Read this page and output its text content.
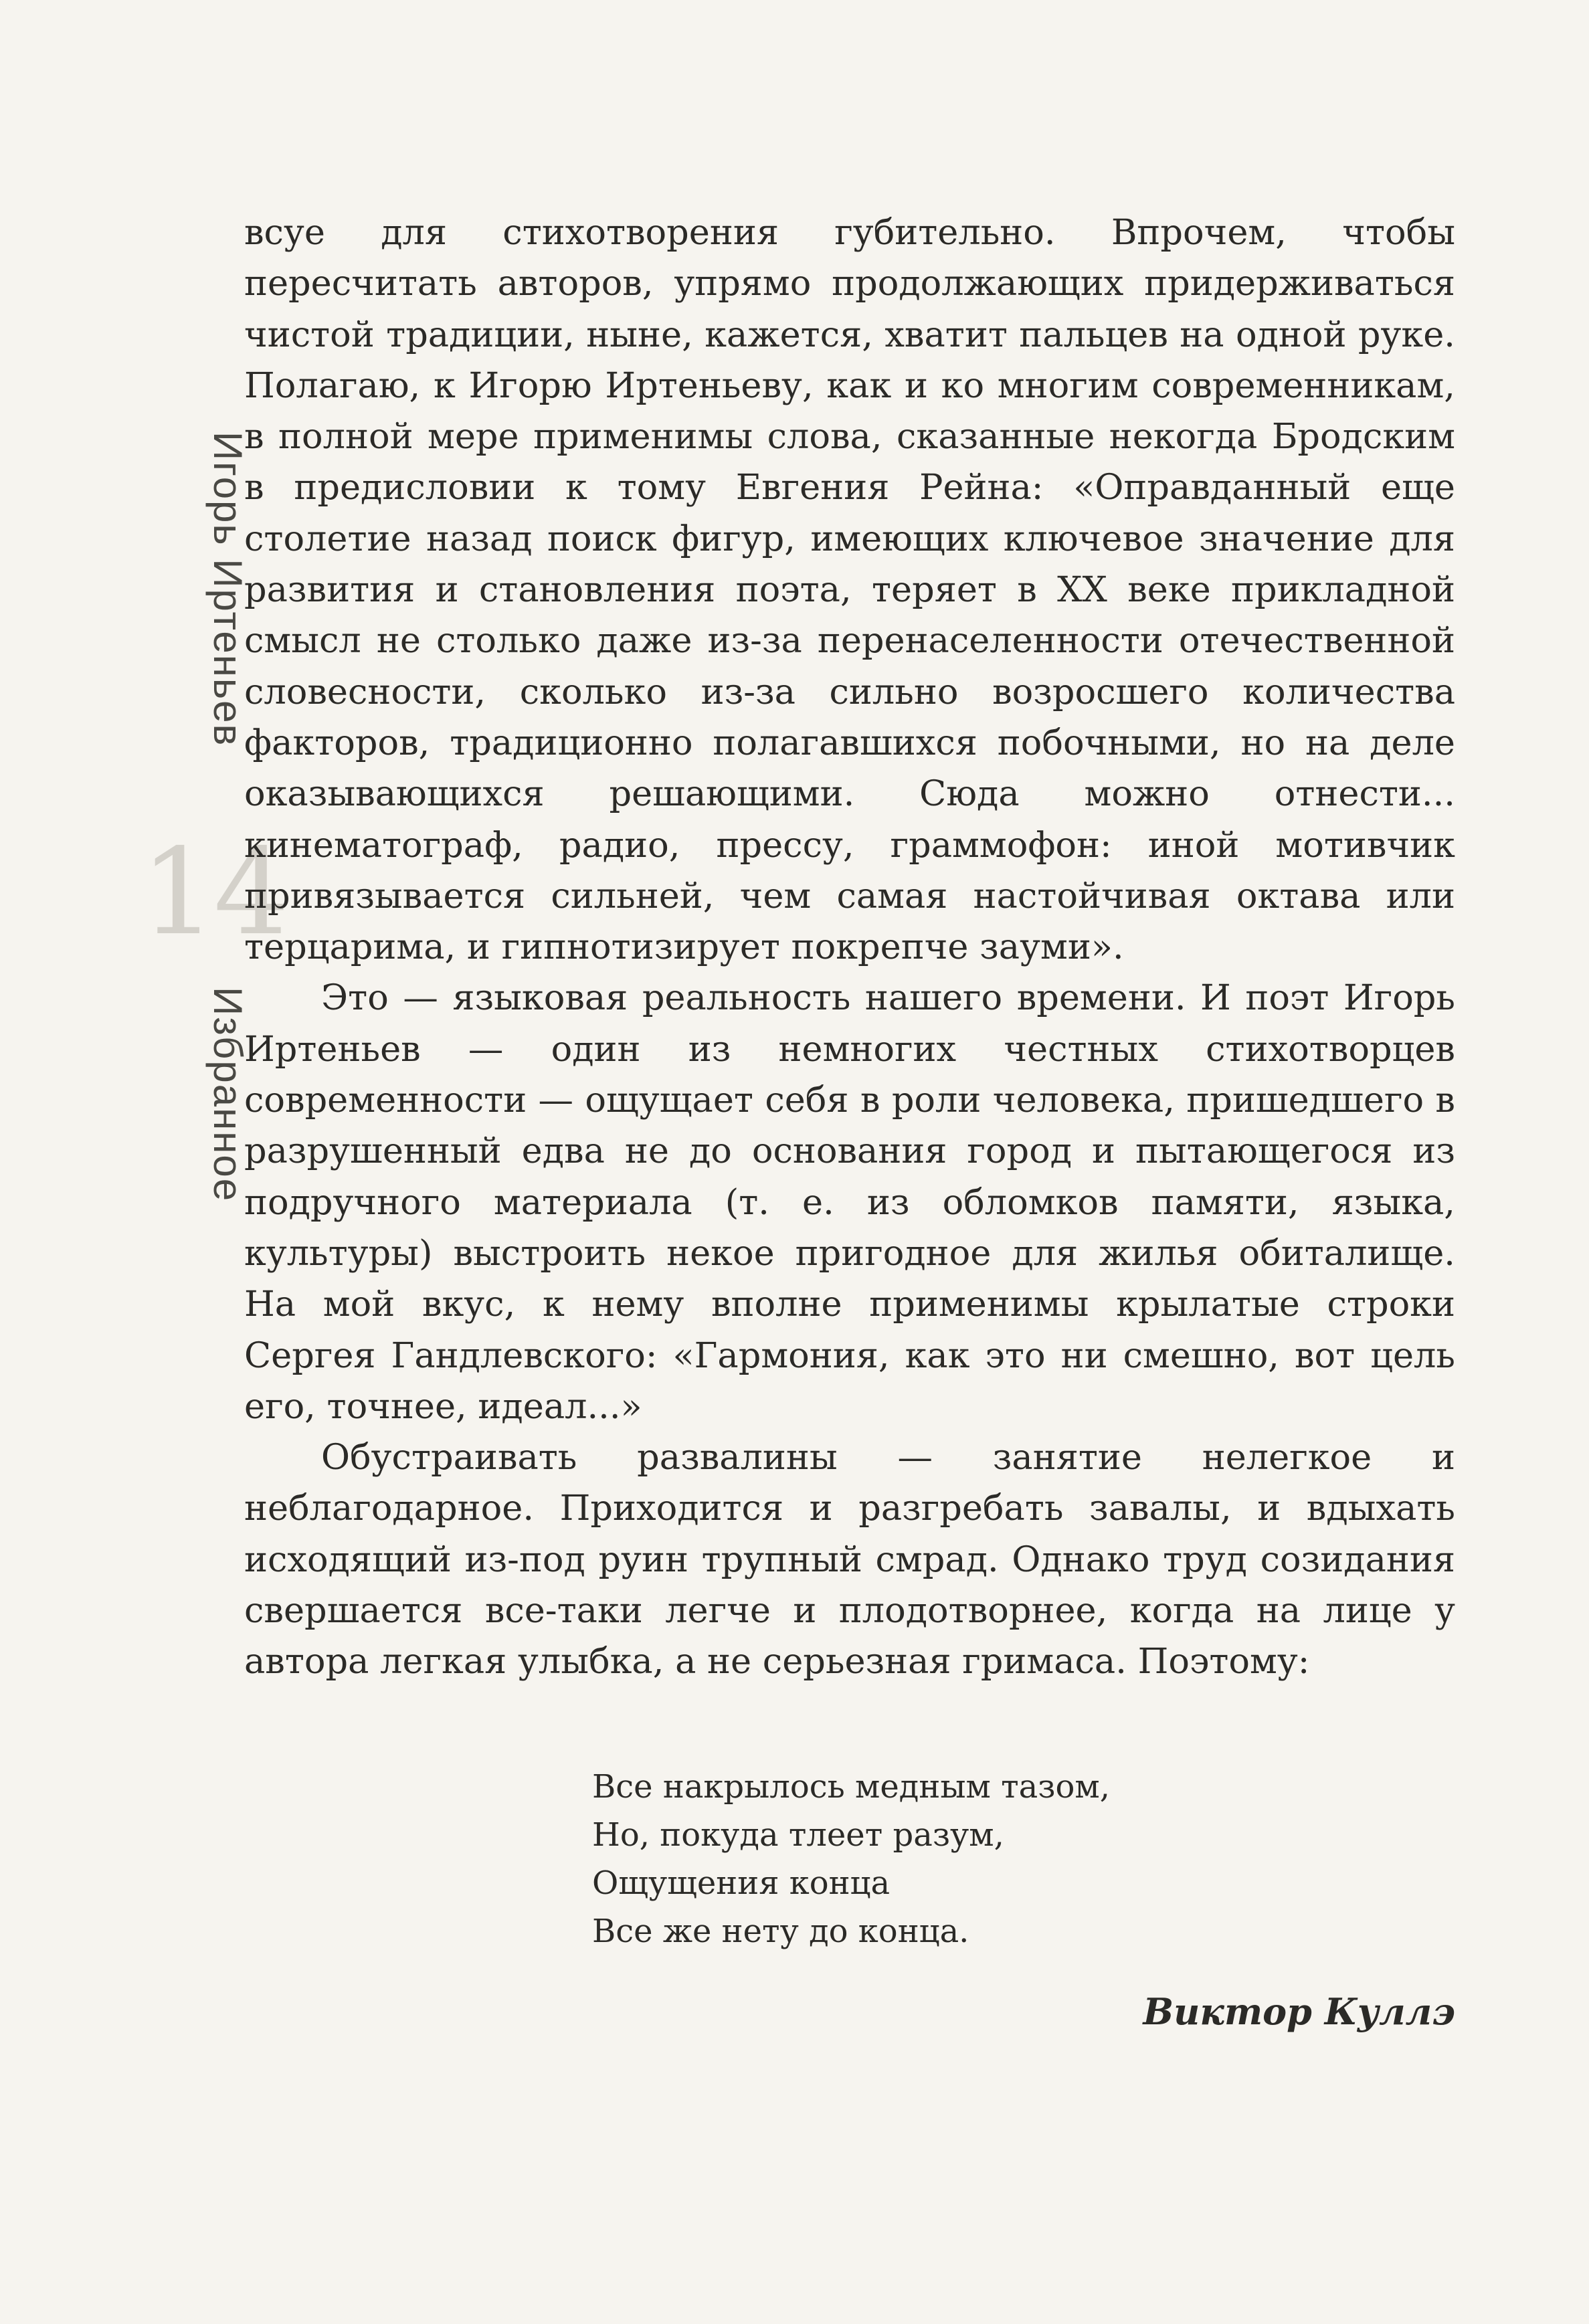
14
Игорь Иртеньев
Избранное

всуе для стихотворения губительно. Впрочем, чтобы пересчитать авторов, упрямо продолжающих придерживаться чистой традиции, ныне, кажется, хватит пальцев на одной руке. Полагаю, к Игорю Иртеньеву, как и ко многим современникам, в полной мере применимы слова, сказанные некогда Бродским в предисловии к тому Евгения Рейна: «Оправданный еще столетие назад поиск фигур, имеющих ключевое значение для развития и становления поэта, теряет в XX веке прикладной смысл не столько даже из-за перенаселенности отечественной словесности, сколько из-за сильно возросшего количества факторов, традиционно полагавшихся побочными, но на деле оказывающихся решающими. Сюда можно отнести... кинематограф, радио, прессу, граммофон: иной мотивчик привязывается сильней, чем самая настойчивая октава или терцарима, и гипнотизирует покрепче зауми».

Это — языковая реальность нашего времени. И поэт Игорь Иртеньев — один из немногих честных стихотворцев современности — ощущает себя в роли человека, пришедшего в разрушенный едва не до основания город и пытающегося из подручного материала (т. е. из обломков памяти, языка, культуры) выстроить некое пригодное для жилья обиталище. На мой вкус, к нему вполне применимы крылатые строки Сергея Гандлевского: «Гармония, как это ни смешно, вот цель его, точнее, идеал...»

Обустраивать развалины — занятие нелегкое и неблагодарное. Приходится и разгребать завалы, и вдыхать исходящий из-под руин трупный смрад. Однако труд созидания свершается все-таки легче и плодотворнее, когда на лице у автора легкая улыбка, а не серьезная гримаса. Поэтому:

Все накрылось медным тазом,
Но, покуда тлеет разум,
Ощущения конца
Все же нету до конца.
Виктор Куллэ
